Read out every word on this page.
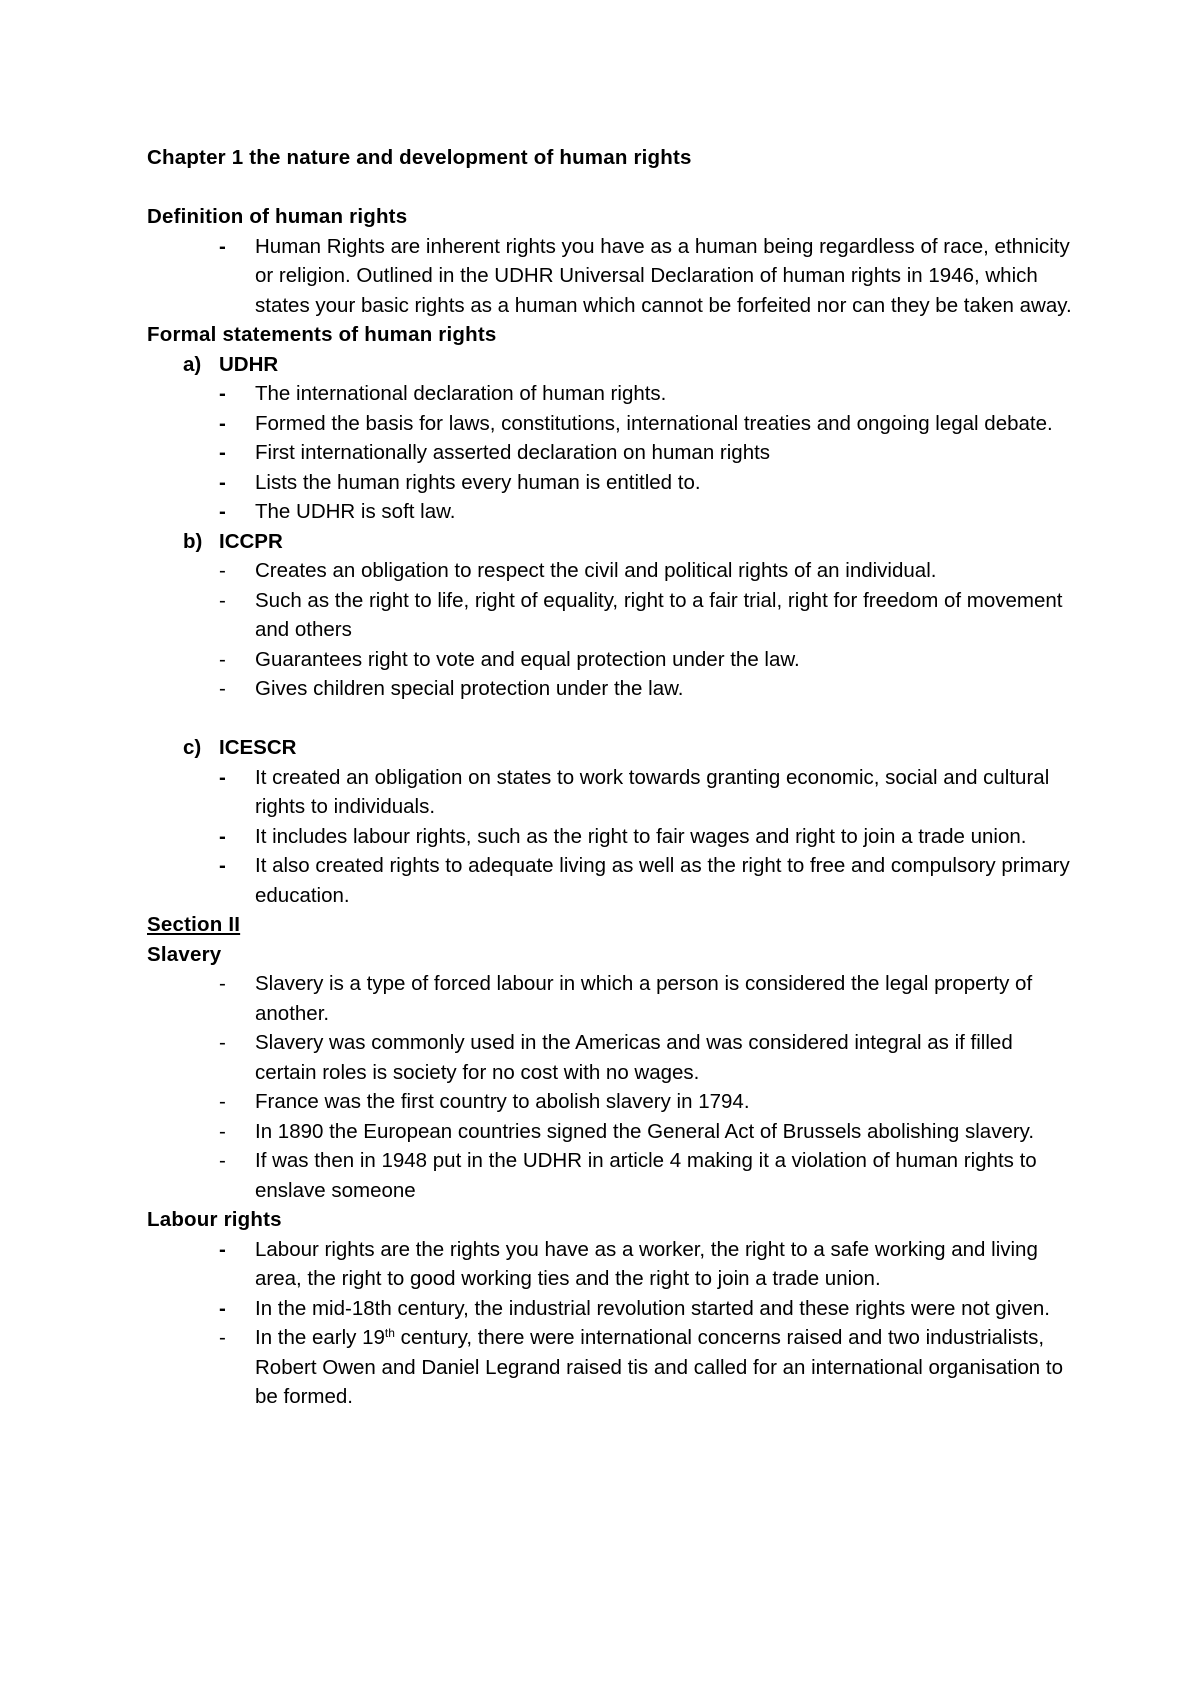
Chapter 1 the nature and development of human rights
Definition of human rights
- Human Rights are inherent rights you have as a human being regardless of race, ethnicity or religion. Outlined in the UDHR Universal Declaration of human rights in 1946, which states your basic rights as a human which cannot be forfeited nor can they be taken away.
Formal statements of human rights
a) UDHR
- The international declaration of human rights.
- Formed the basis for laws, constitutions, international treaties and ongoing legal debate.
- First internationally asserted declaration on human rights
- Lists the human rights every human is entitled to.
- The UDHR is soft law.
b) ICCPR
- Creates an obligation to respect the civil and political rights of an individual.
- Such as the right to life, right of equality, right to a fair trial, right for freedom of movement and others
- Guarantees right to vote and equal protection under the law.
- Gives children special protection under the law.
c) ICESCR
- It created an obligation on states to work towards granting economic, social and cultural rights to individuals.
- It includes labour rights, such as the right to fair wages and right to join a trade union.
- It also created rights to adequate living as well as the right to free and compulsory primary education.
Section II
Slavery
- Slavery is a type of forced labour in which a person is considered the legal property of another.
- Slavery was commonly used in the Americas and was considered integral as if filled certain roles is society for no cost with no wages.
- France was the first country to abolish slavery in 1794.
- In 1890 the European countries signed the General Act of Brussels abolishing slavery.
- If was then in 1948 put in the UDHR in article 4 making it a violation of human rights to enslave someone
Labour rights
- Labour rights are the rights you have as a worker, the right to a safe working and living area, the right to good working ties and the right to join a trade union.
- In the mid-18th century, the industrial revolution started and these rights were not given.
- In the early 19th century, there were international concerns raised and two industrialists, Robert Owen and Daniel Legrand raised tis and called for an international organisation to be formed.
